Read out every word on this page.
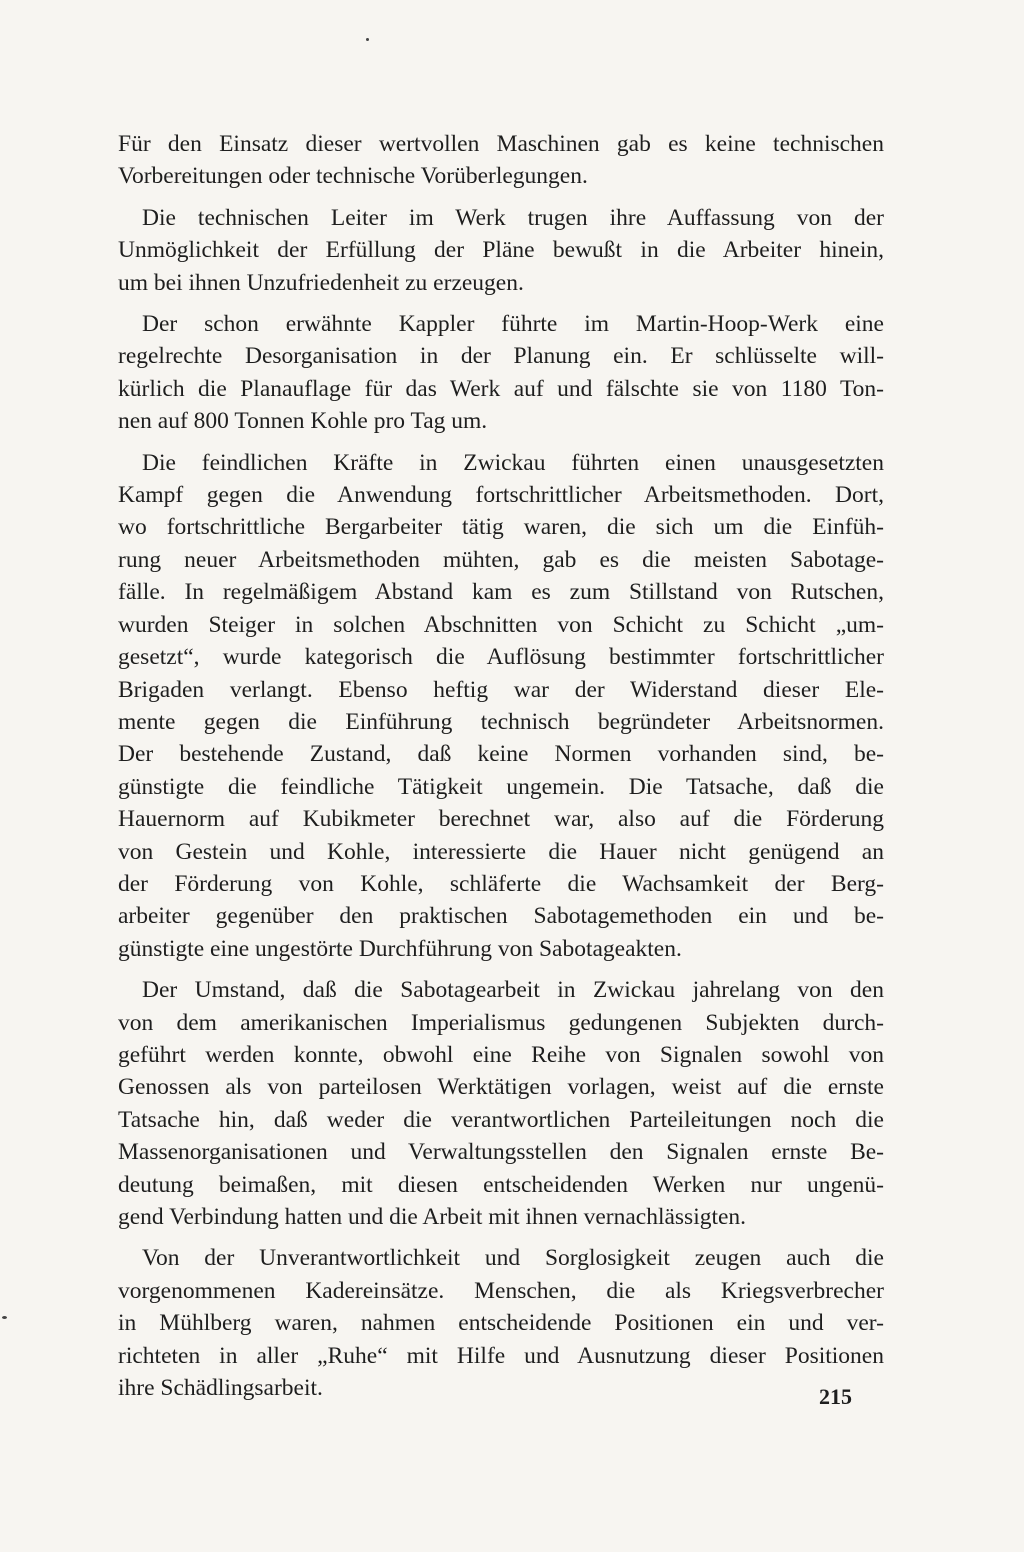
Für den Einsatz dieser wertvollen Maschinen gab es keine technischen
Vorbereitungen oder technische Vorüberlegungen.
Die technischen Leiter im Werk trugen ihre Auffassung von der
Unmöglichkeit der Erfüllung der Pläne bewußt in die Arbeiter hinein,
um bei ihnen Unzufriedenheit zu erzeugen.
Der schon erwähnte Kappler führte im Martin-Hoop-Werk eine
regelrechte Desorganisation in der Planung ein. Er schlüsselte will-
kürlich die Planauflage für das Werk auf und fälschte sie von 1180 Ton-
nen auf 800 Tonnen Kohle pro Tag um.
Die feindlichen Kräfte in Zwickau führten einen unausgesetzten
Kampf gegen die Anwendung fortschrittlicher Arbeitsmethoden. Dort,
wo fortschrittliche Bergarbeiter tätig waren, die sich um die Einfüh-
rung neuer Arbeitsmethoden mühten, gab es die meisten Sabotage-
fälle. In regelmäßigem Abstand kam es zum Stillstand von Rutschen,
wurden Steiger in solchen Abschnitten von Schicht zu Schicht „um-
gesetzt“, wurde kategorisch die Auflösung bestimmter fortschrittlicher
Brigaden verlangt. Ebenso heftig war der Widerstand dieser Ele-
mente gegen die Einführung technisch begründeter Arbeitsnormen.
Der bestehende Zustand, daß keine Normen vorhanden sind, be-
günstigte die feindliche Tätigkeit ungemein. Die Tatsache, daß die
Hauernorm auf Kubikmeter berechnet war, also auf die Förderung
von Gestein und Kohle, interessierte die Hauer nicht genügend an
der Förderung von Kohle, schläferte die Wachsamkeit der Berg-
arbeiter gegenüber den praktischen Sabotagemethoden ein und be-
günstigte eine ungestörte Durchführung von Sabotageakten.
Der Umstand, daß die Sabotagearbeit in Zwickau jahrelang von den
von dem amerikanischen Imperialismus gedungenen Subjekten durch-
geführt werden konnte, obwohl eine Reihe von Signalen sowohl von
Genossen als von parteilosen Werktätigen vorlagen, weist auf die ernste
Tatsache hin, daß weder die verantwortlichen Parteileitungen noch die
Massenorganisationen und Verwaltungsstellen den Signalen ernste Be-
deutung beimaßen, mit diesen entscheidenden Werken nur ungenü-
gend Verbindung hatten und die Arbeit mit ihnen vernachlässigten.
Von der Unverantwortlichkeit und Sorglosigkeit zeugen auch die
vorgenommenen Kadereinsätze. Menschen, die als Kriegsverbrecher
in Mühlberg waren, nahmen entscheidende Positionen ein und ver-
richteten in aller „Ruhe“ mit Hilfe und Ausnutzung dieser Positionen
ihre Schädlingsarbeit.	215
